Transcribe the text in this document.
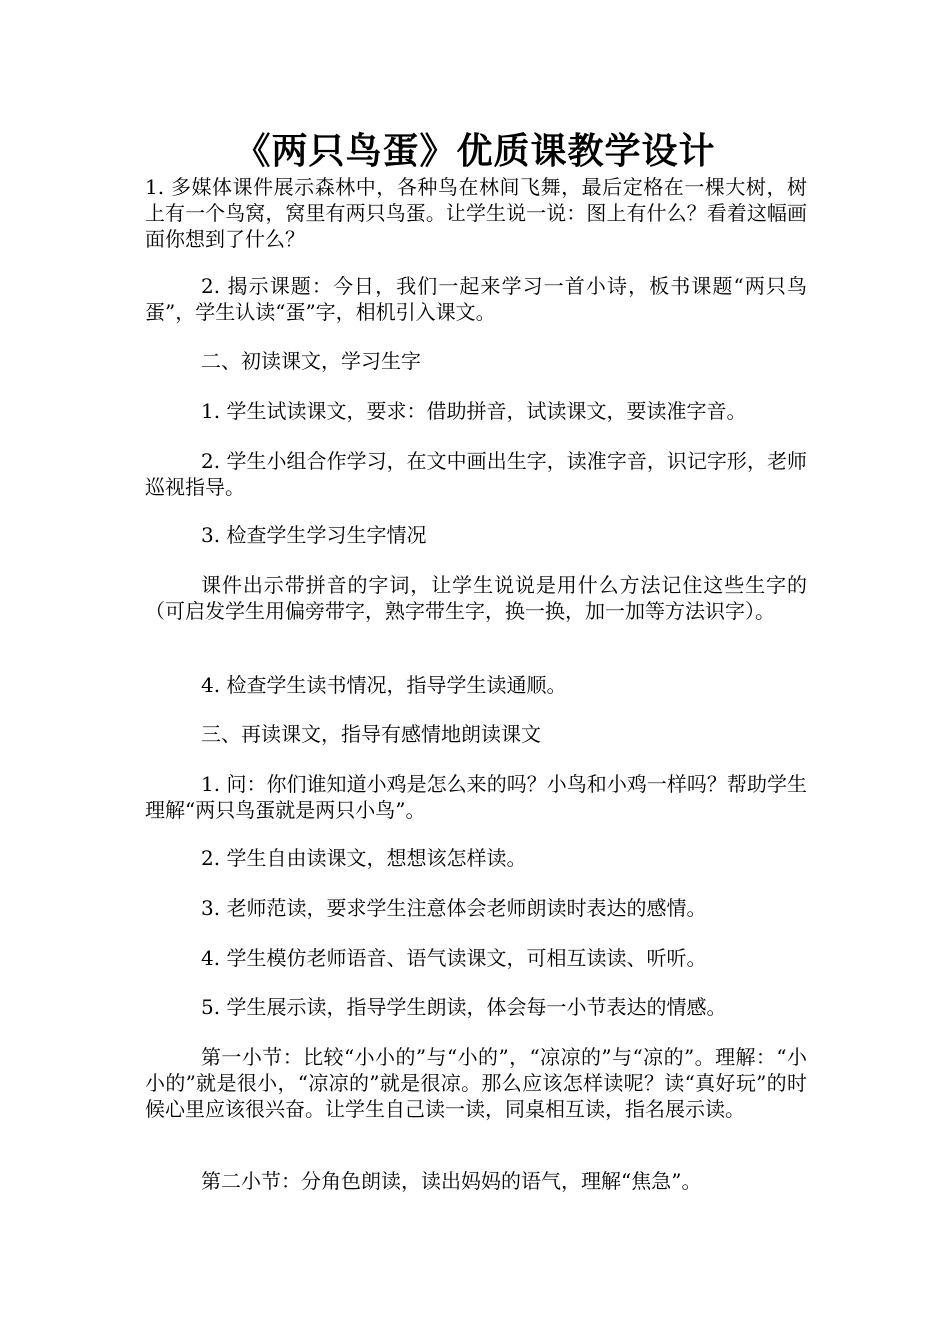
《两只鸟蛋》优质课教学设计

1. 多媒体课件展示森林中，各种鸟在林间飞舞，最后定格在一棵大树，树上有一个鸟窝，窝里有两只鸟蛋。让学生说一说：图上有什么？看着这幅画面你想到了什么？

2. 揭示课题：今日，我们一起来学习一首小诗，板书课题“两只鸟蛋”，学生认读“蛋”字，相机引入课文。

二、初读课文，学习生字

1. 学生试读课文，要求：借助拼音，试读课文，要读准字音。

2. 学生小组合作学习，在文中画出生字，读准字音，识记字形，老师巡视指导。

3. 检查学生学习生字情况

课件出示带拼音的字词，让学生说说是用什么方法记住这些生字的（可启发学生用偏旁带字，熟字带生字，换一换，加一加等方法识字）。

4. 检查学生读书情况，指导学生读通顺。

三、再读课文，指导有感情地朗读课文

1. 问：你们谁知道小鸡是怎么来的吗？小鸟和小鸡一样吗？帮助学生理解“两只鸟蛋就是两只小鸟”。

2. 学生自由读课文，想想该怎样读。

3. 老师范读，要求学生注意体会老师朗读时表达的感情。

4. 学生模仿老师语音、语气读课文，可相互读读、听听。

5. 学生展示读，指导学生朗读，体会每一小节表达的情感。

第一小节：比较“小小的”与“小的”，“凉凉的”与“凉的”。理解：“小小的”就是很小，“凉凉的”就是很凉。那么应该怎样读呢？读“真好玩”的时候心里应该很兴奋。让学生自己读一读，同桌相互读，指名展示读。

第二小节：分角色朗读，读出妈妈的语气，理解“焦急”。
